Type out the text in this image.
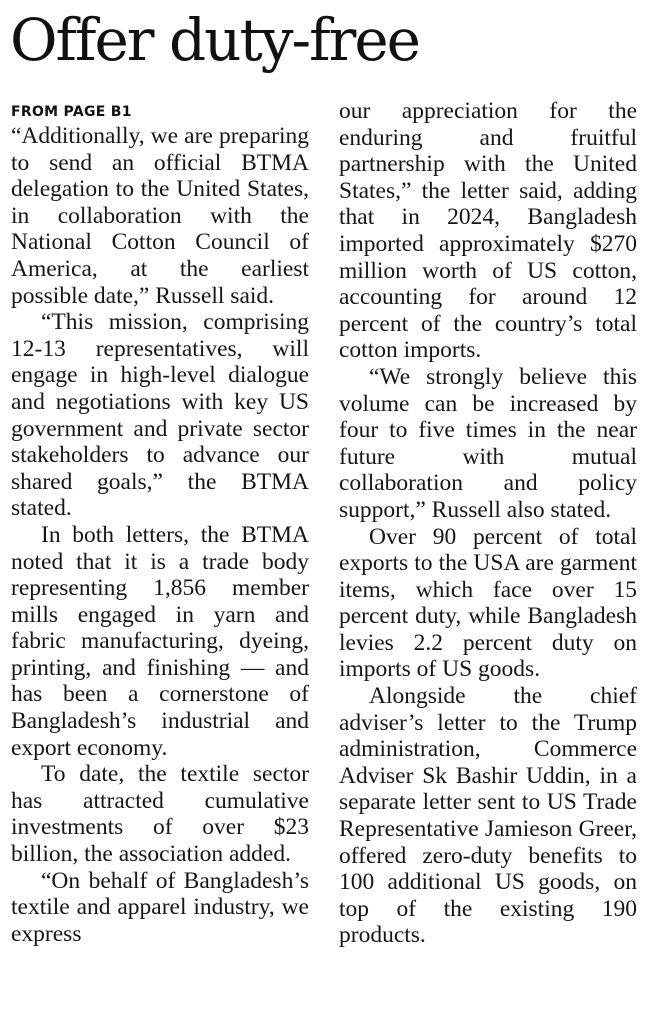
Offer duty-free
FROM PAGE B1

“Additionally, we are preparing to send an official BTMA delegation to the United States, in collaboration with the National Cotton Council of America, at the earliest possible date,” Russell said.

“This mission, comprising 12-13 representatives, will engage in high-level dialogue and negotiations with key US government and private sector stakeholders to advance our shared goals,” the BTMA stated.

In both letters, the BTMA noted that it is a trade body representing 1,856 member mills engaged in yarn and fabric manufacturing, dyeing, printing, and finishing — and has been a cornerstone of Bangladesh’s industrial and export economy.

To date, the textile sector has attracted cumulative investments of over $23 billion, the association added.

“On behalf of Bangladesh’s textile and apparel industry, we express

our appreciation for the enduring and fruitful partnership with the United States,” the letter said, adding that in 2024, Bangladesh imported approximately $270 million worth of US cotton, accounting for around 12 percent of the country’s total cotton imports.

“We strongly believe this volume can be increased by four to five times in the near future with mutual collaboration and policy support,” Russell also stated.

Over 90 percent of total exports to the USA are garment items, which face over 15 percent duty, while Bangladesh levies 2.2 percent duty on imports of US goods.

Alongside the chief adviser’s letter to the Trump administration, Commerce Adviser Sk Bashir Uddin, in a separate letter sent to US Trade Representative Jamieson Greer, offered zero-duty benefits to 100 additional US goods, on top of the existing 190 products.
